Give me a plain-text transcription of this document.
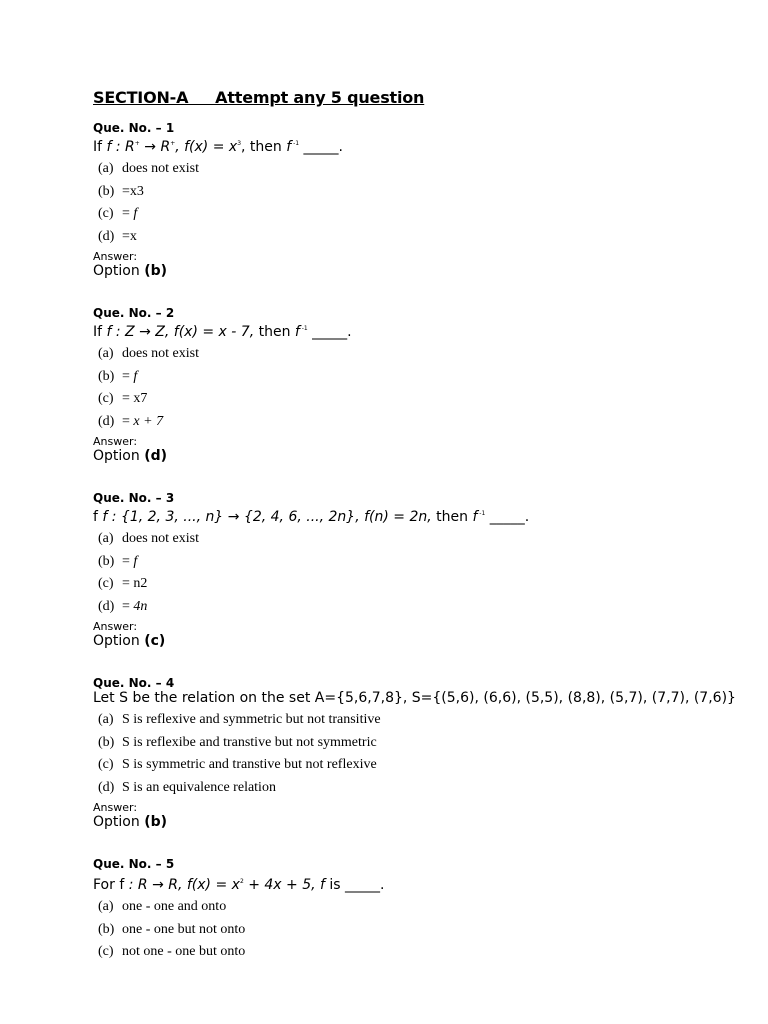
SECTION-A     Attempt any 5 question
Que. No. – 1
If f : R+ → R+, $f(x) = x^3$, then f $^{-1}$ _____.
(a) does not exist
(b) =x3
(c) = f
(d) =x
Answer:
Option (b)
Que. No. – 2
If f : Z → Z, f(x) = x - 7, then f $^{-1}$ _____.
(a) does not exist
(b) = f
(c) = x7
(d) = x + 7
Answer:
Option (d)
Que. No. – 3
f f : {1, 2, 3, ..., n} → {2, 4, 6, ..., 2n}, f(n) = 2n, then f $^{-1}$ _____.
(a) does not exist
(b) = f
(c) = n2
(d) = 4n
Answer:
Option (c)
Que. No. – 4
Let S be the relation on the set A={5,6,7,8}, S={(5,6), (6,6), (5,5), (8,8), (5,7), (7,7), (7,6)}
(a) S is reflexive and symmetric but not transitive
(b) S is reflexibe and transtive but not symmetric
(c) S is symmetric and transtive but not reflexive
(d) S is an equivalence relation
Answer:
Option (b)
Que. No. – 5
For f : R → R, $f(x) = x^2 + 4x + 5$, f is _____.
(a) one - one and onto
(b) one - one but not onto
(c) not one - one but onto
